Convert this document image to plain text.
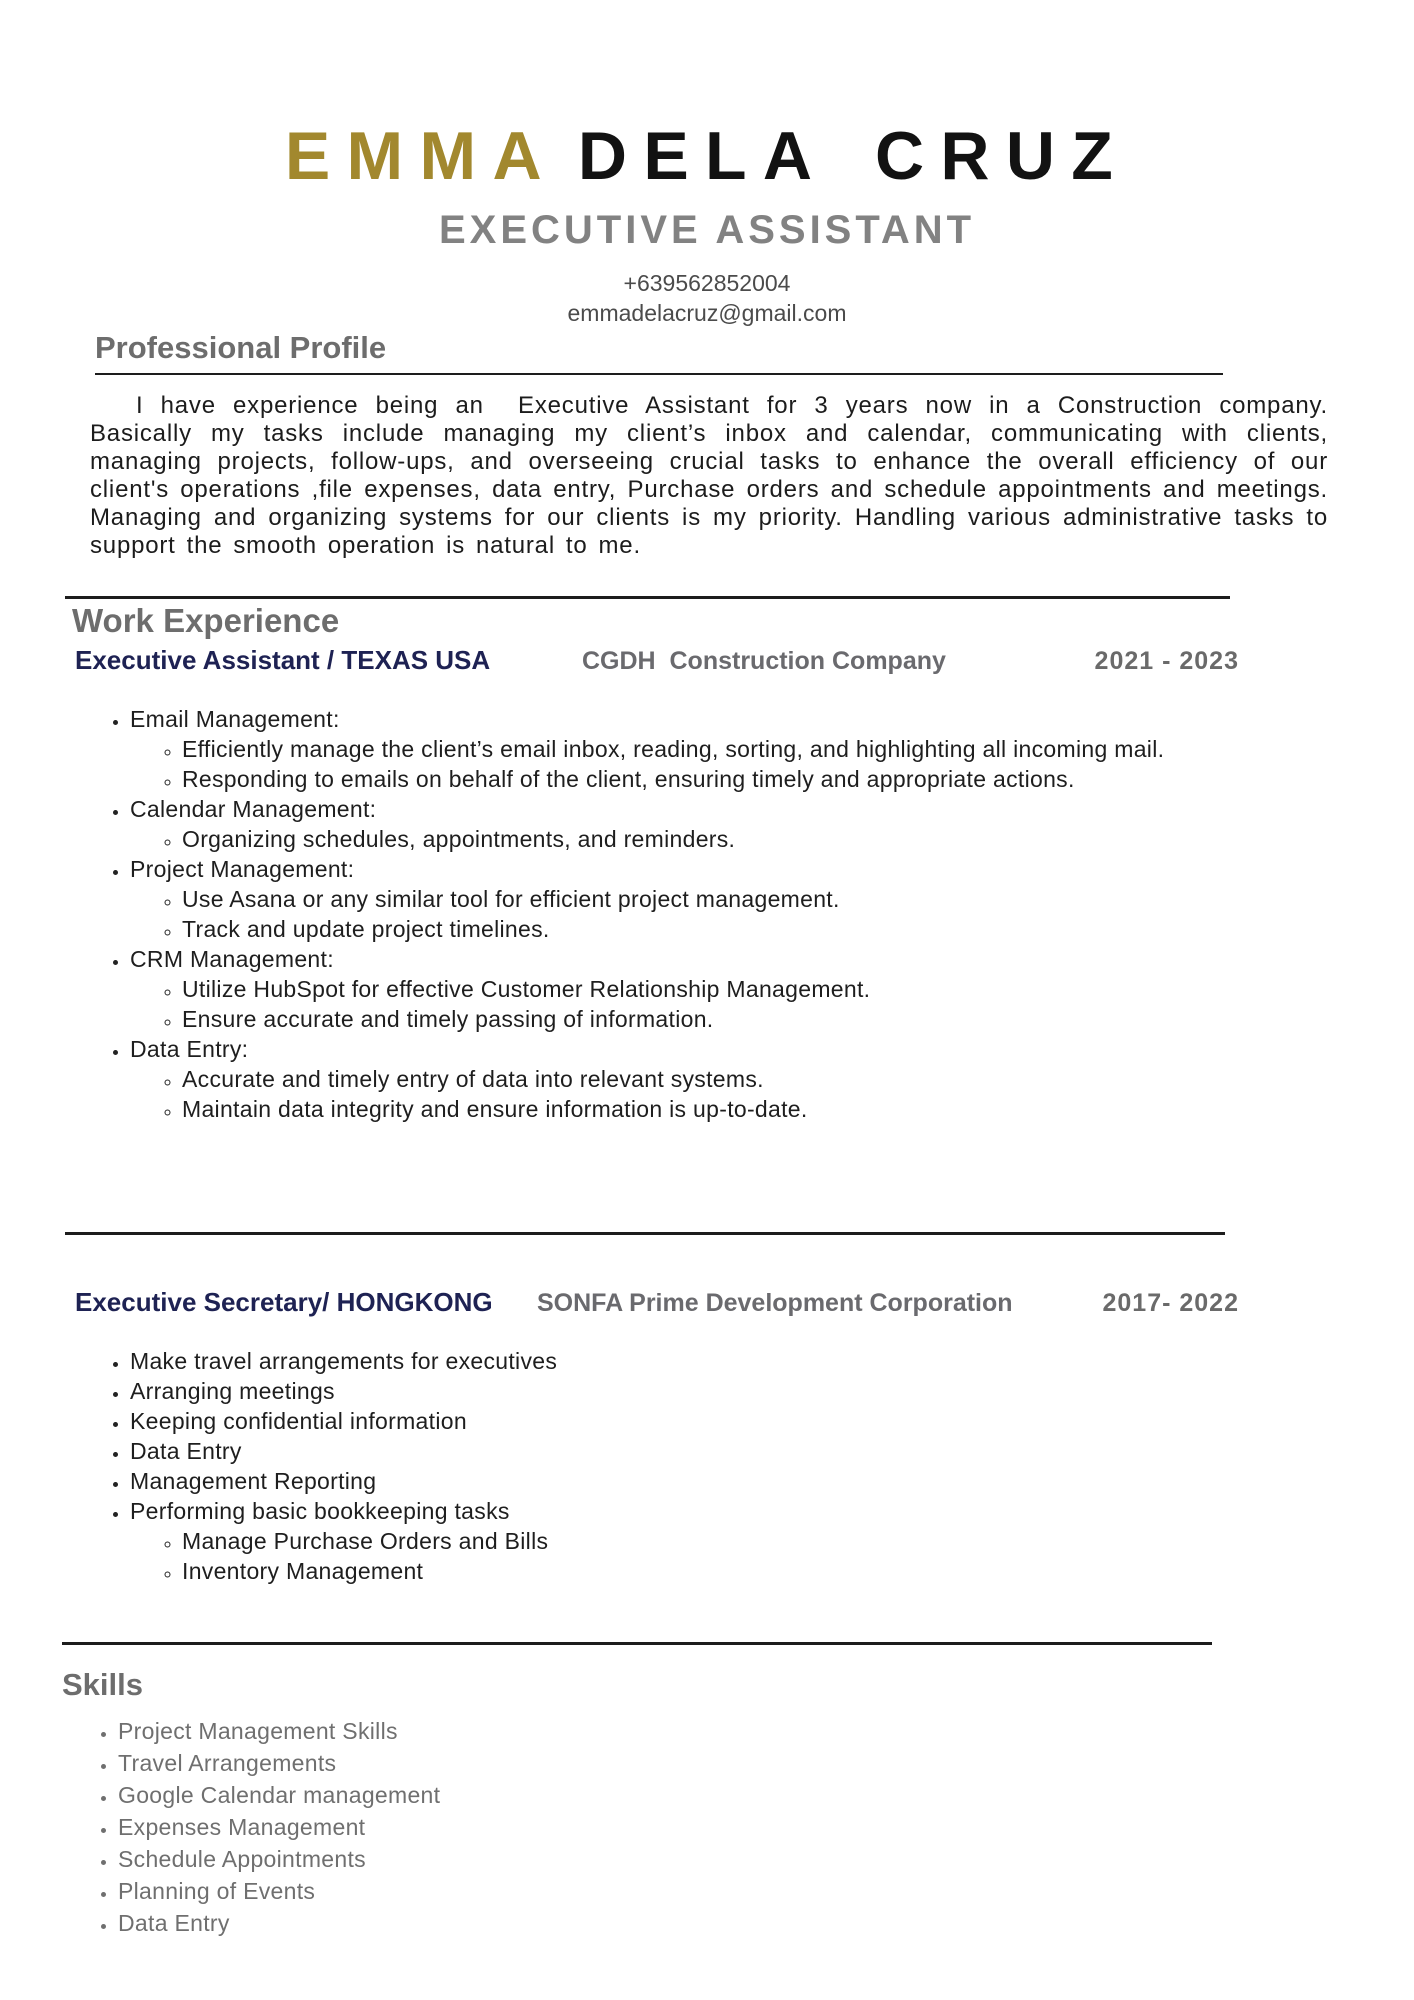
EMMA DELA CRUZ
EXECUTIVE ASSISTANT
+639562852004
emmadelacruz@gmail.com
Professional Profile

I have experience being an  Executive Assistant for 3 years now in a Construction company. Basically my tasks include managing my client’s inbox and calendar, communicating with clients, managing projects, follow-ups, and overseeing crucial tasks to enhance the overall efficiency of our client's operations ,file expenses, data entry, Purchase orders and schedule appointments and meetings. Managing and organizing systems for our clients is my priority. Handling various administrative tasks to support the smooth operation is natural to me.

Work Experience
Executive Assistant / TEXAS USA	CGDH  Construction Company	2021 - 2023
• Email Management:
◦ Efficiently manage the client’s email inbox, reading, sorting, and highlighting all incoming mail.
◦ Responding to emails on behalf of the client, ensuring timely and appropriate actions.
• Calendar Management:
◦ Organizing schedules, appointments, and reminders.
• Project Management:
◦ Use Asana or any similar tool for efficient project management.
◦ Track and update project timelines.
• CRM Management:
◦ Utilize HubSpot for effective Customer Relationship Management.
◦ Ensure accurate and timely passing of information.
• Data Entry:
◦ Accurate and timely entry of data into relevant systems.
◦ Maintain data integrity and ensure information is up-to-date.
Executive Secretary/ HONGKONG	SONFA Prime Development Corporation	2017- 2022
• Make travel arrangements for executives
• Arranging meetings
• Keeping confidential information
• Data Entry
• Management Reporting
• Performing basic bookkeeping tasks
◦ Manage Purchase Orders and Bills
◦ Inventory Management
Skills
• Project Management Skills
• Travel Arrangements
• Google Calendar management
• Expenses Management
• Schedule Appointments
• Planning of Events
• Data Entry
